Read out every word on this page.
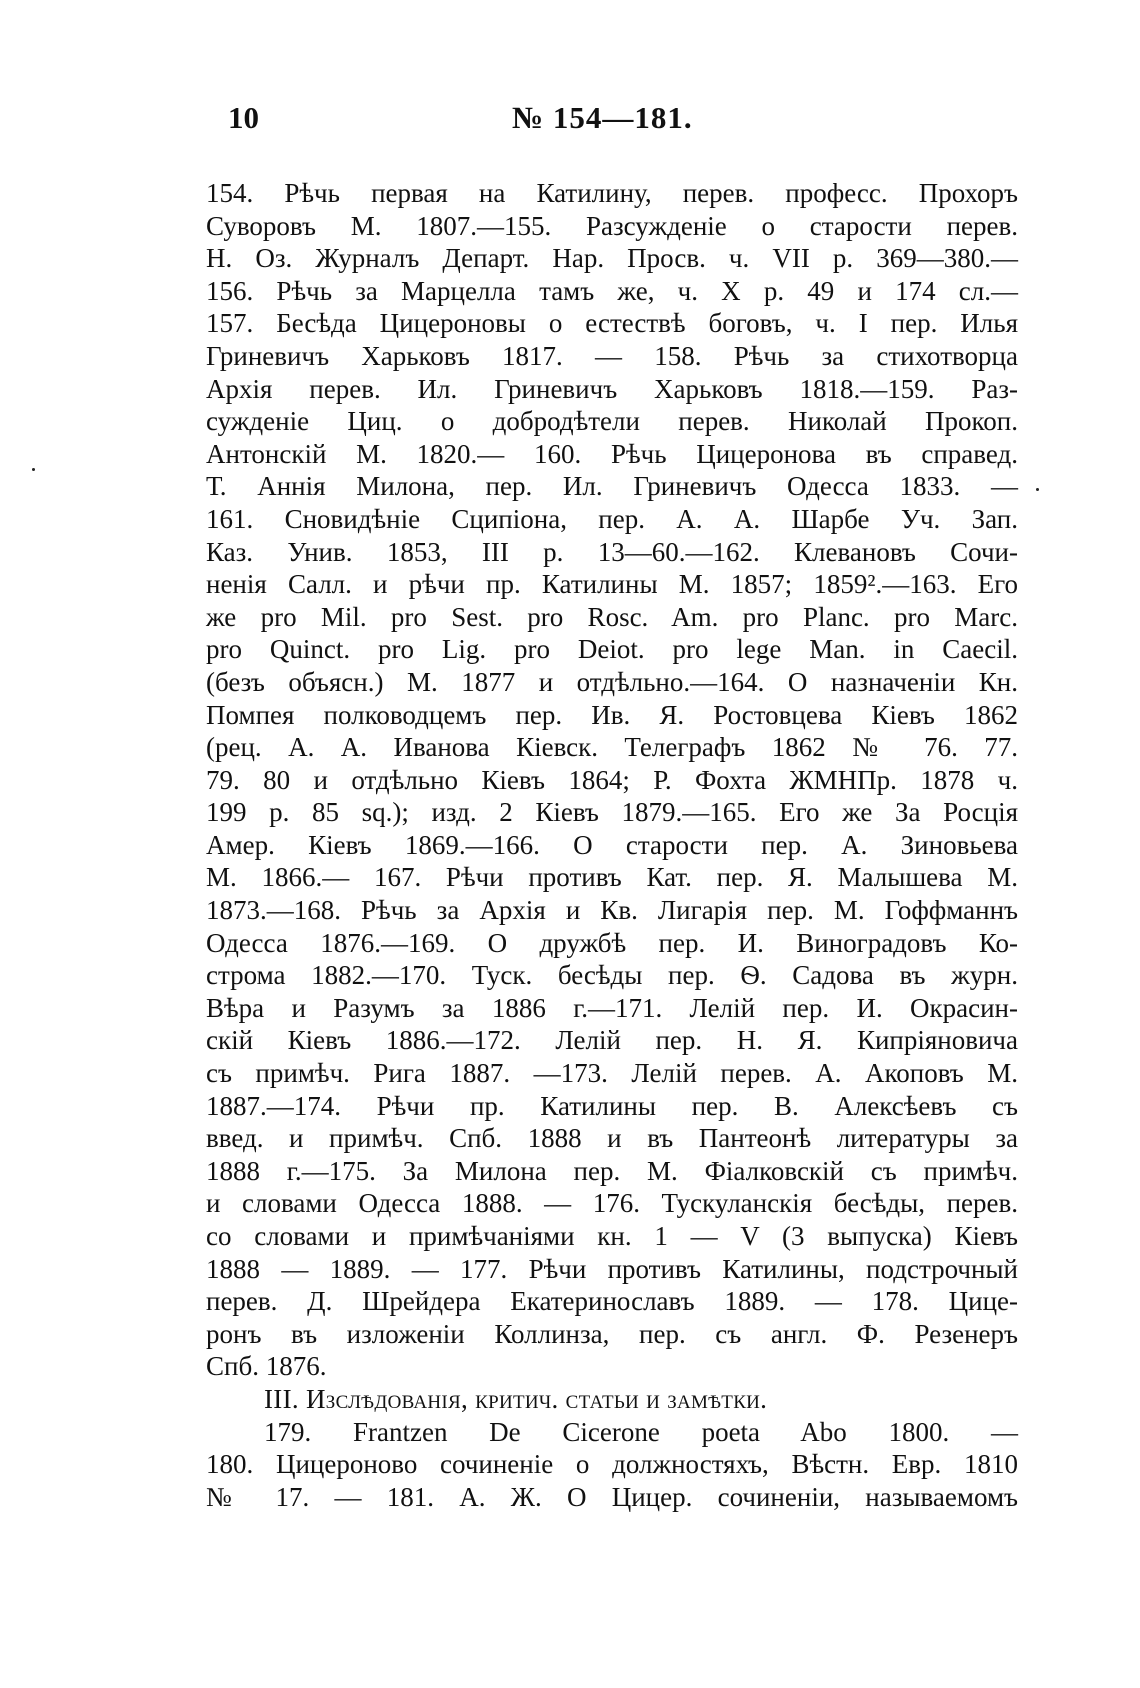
10	№ 154—181.
154. Рѣчь первая на Катилину, перев. професс. Прохоръ
Суворовъ М. 1807.—155. Разсужденіе о старости перев.
Н. Оз. Журналъ Департ. Нар. Просв. ч. VII р. 369—380.—
156. Рѣчь за Марцелла тамъ же, ч. Х р. 49 и 174 сл.—
157. Бесѣда Цицероновы о естествѣ боговъ, ч. I пер. Илья
Гриневичъ Харьковъ 1817. — 158. Рѣчь за стихотворца
Архія перев. Ил. Гриневичъ Харьковъ 1818.—159. Раз-
сужденіе Циц. о добродѣтели перев. Николай Прокоп.
Антонскій М. 1820.— 160. Рѣчь Цицеронова въ справед.
Т. Аннія Милона, пер. Ил. Гриневичъ Одесса 1833. —
161. Сновидѣніе Сципіона, пер. А. А. Шарбе Уч. Зап.
Каз. Унив. 1853, III р. 13—60.—162. Клевановъ Сочи-
ненія Салл. и рѣчи пр. Катилины М. 1857; 1859².—163. Его
же pro Mil. pro Sest. pro Rosc. Am. pro Planc. pro Marc.
pro Quinct. pro Lig. pro Deiot. pro lege Man. in Caecil.
(безъ объясн.) М. 1877 и отдѣльно.—164. О назначеніи Кн.
Помпея полководцемъ пер. Ив. Я. Ростовцева Кіевъ 1862
(рец. А. А. Иванова Кіевск. Телеграфъ 1862 № 76. 77.
79. 80 и отдѣльно Кіевъ 1864; Р. Фохта ЖМНПр. 1878 ч.
199 р. 85 sq.); изд. 2 Кіевъ 1879.—165. Его же За Росція
Амер. Кіевъ 1869.—166. О старости пер. А. Зиновьева
М. 1866.— 167. Рѣчи противъ Кат. пер. Я. Малышева М.
1873.—168. Рѣчь за Архія и Кв. Лигарія пер. М. Гоффманнъ
Одесса 1876.—169. О дружбѣ пер. И. Виноградовъ Ко-
строма 1882.—170. Туск. бесѣды пер. Ѳ. Садова въ журн.
Вѣра и Разумъ за 1886 г.—171. Лелій пер. И. Окрасин-
скій Кіевъ 1886.—172. Лелій пер. Н. Я. Кипріяновича
съ примѣч. Рига 1887. —173. Лелій перев. А. Акоповъ М.
1887.—174. Рѣчи пр. Катилины пер. В. Алексѣевъ съ
введ. и примѣч. Спб. 1888 и въ Пантеонѣ литературы за
1888 г.—175. За Милона пер. М. Фіалковскій съ примѣч.
и словами Одесса 1888. — 176. Тускуланскія бесѣды, перев.
со словами и примѣчаніями кн. 1 — V (3 выпуска) Кіевъ
1888 — 1889. — 177. Рѣчи противъ Катилины, подстрочный
перев. Д. Шрейдера Екатеринославъ 1889. — 178. Цице-
ронъ въ изложеніи Коллинза, пер. съ англ. Ф. Резенеръ
Спб. 1876.
III. Изслѣдованія, критич. статьи и замѣтки.
179. Frantzen De Cicerone poeta Abo 1800. —
180. Цицероново сочиненіе о должностяхъ, Вѣстн. Евр. 1810
№ 17. — 181. А. Ж. О Цицер. сочиненіи, называемомъ
